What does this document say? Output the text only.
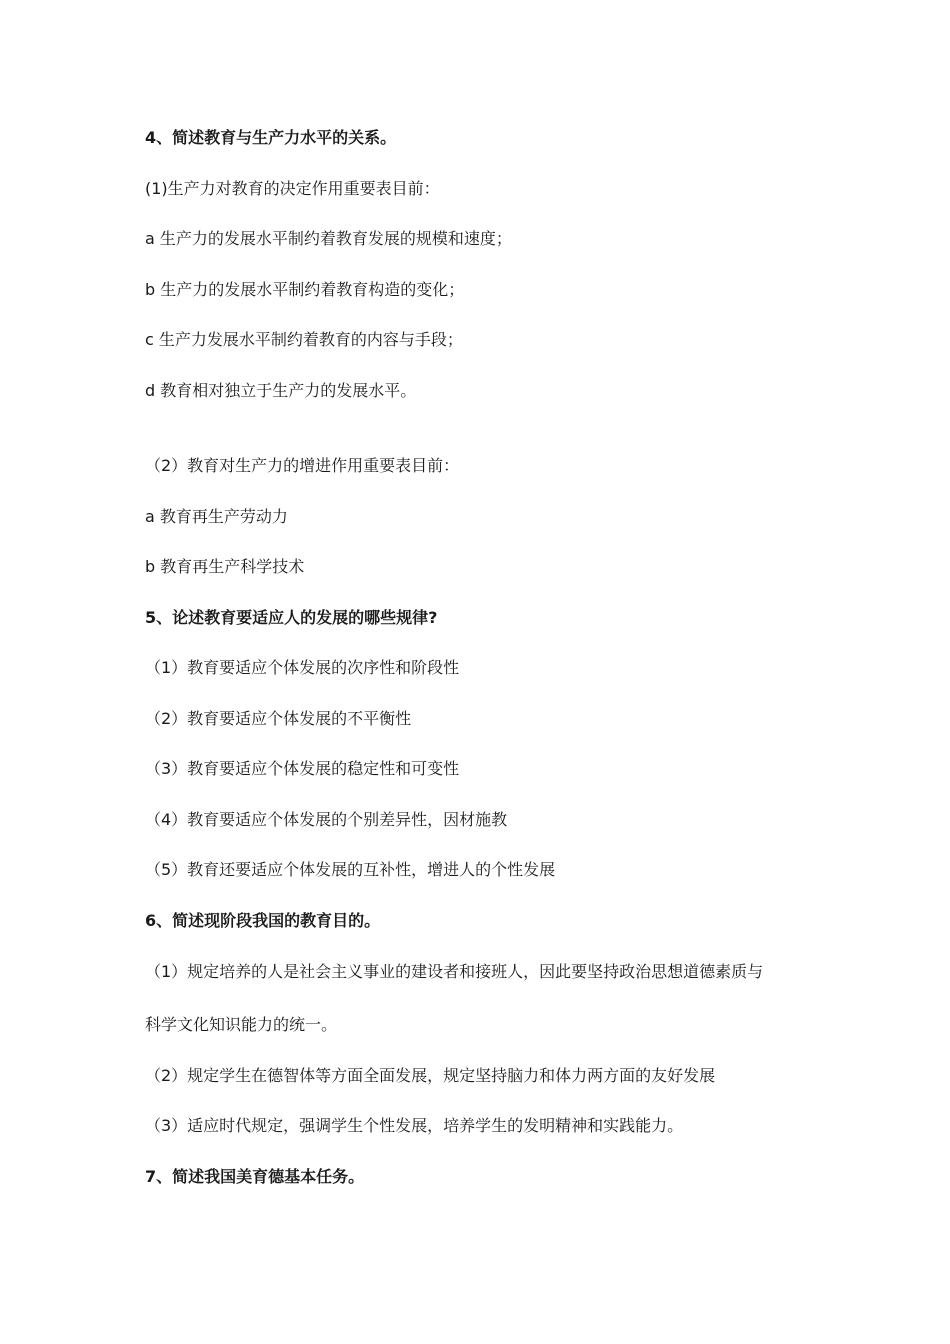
4、简述教育与生产力水平的关系。
(1)生产力对教育的决定作用重要表目前：
a 生产力的发展水平制约着教育发展的规模和速度；
b 生产力的发展水平制约着教育构造的变化；
c 生产力发展水平制约着教育的内容与手段；
d 教育相对独立于生产力的发展水平。
（2）教育对生产力的增进作用重要表目前：
a 教育再生产劳动力
b 教育再生产科学技术
5、论述教育要适应人的发展的哪些规律?
（1）教育要适应个体发展的次序性和阶段性
（2）教育要适应个体发展的不平衡性
（3）教育要适应个体发展的稳定性和可变性
（4）教育要适应个体发展的个别差异性，因材施教
（5）教育还要适应个体发展的互补性，增进人的个性发展
6、简述现阶段我国的教育目的。
（1）规定培养的人是社会主义事业的建设者和接班人，因此要坚持政治思想道德素质与
科学文化知识能力的统一。
（2）规定学生在德智体等方面全面发展，规定坚持脑力和体力两方面的友好发展
（3）适应时代规定，强调学生个性发展，培养学生的发明精神和实践能力。
7、简述我国美育德基本任务。
